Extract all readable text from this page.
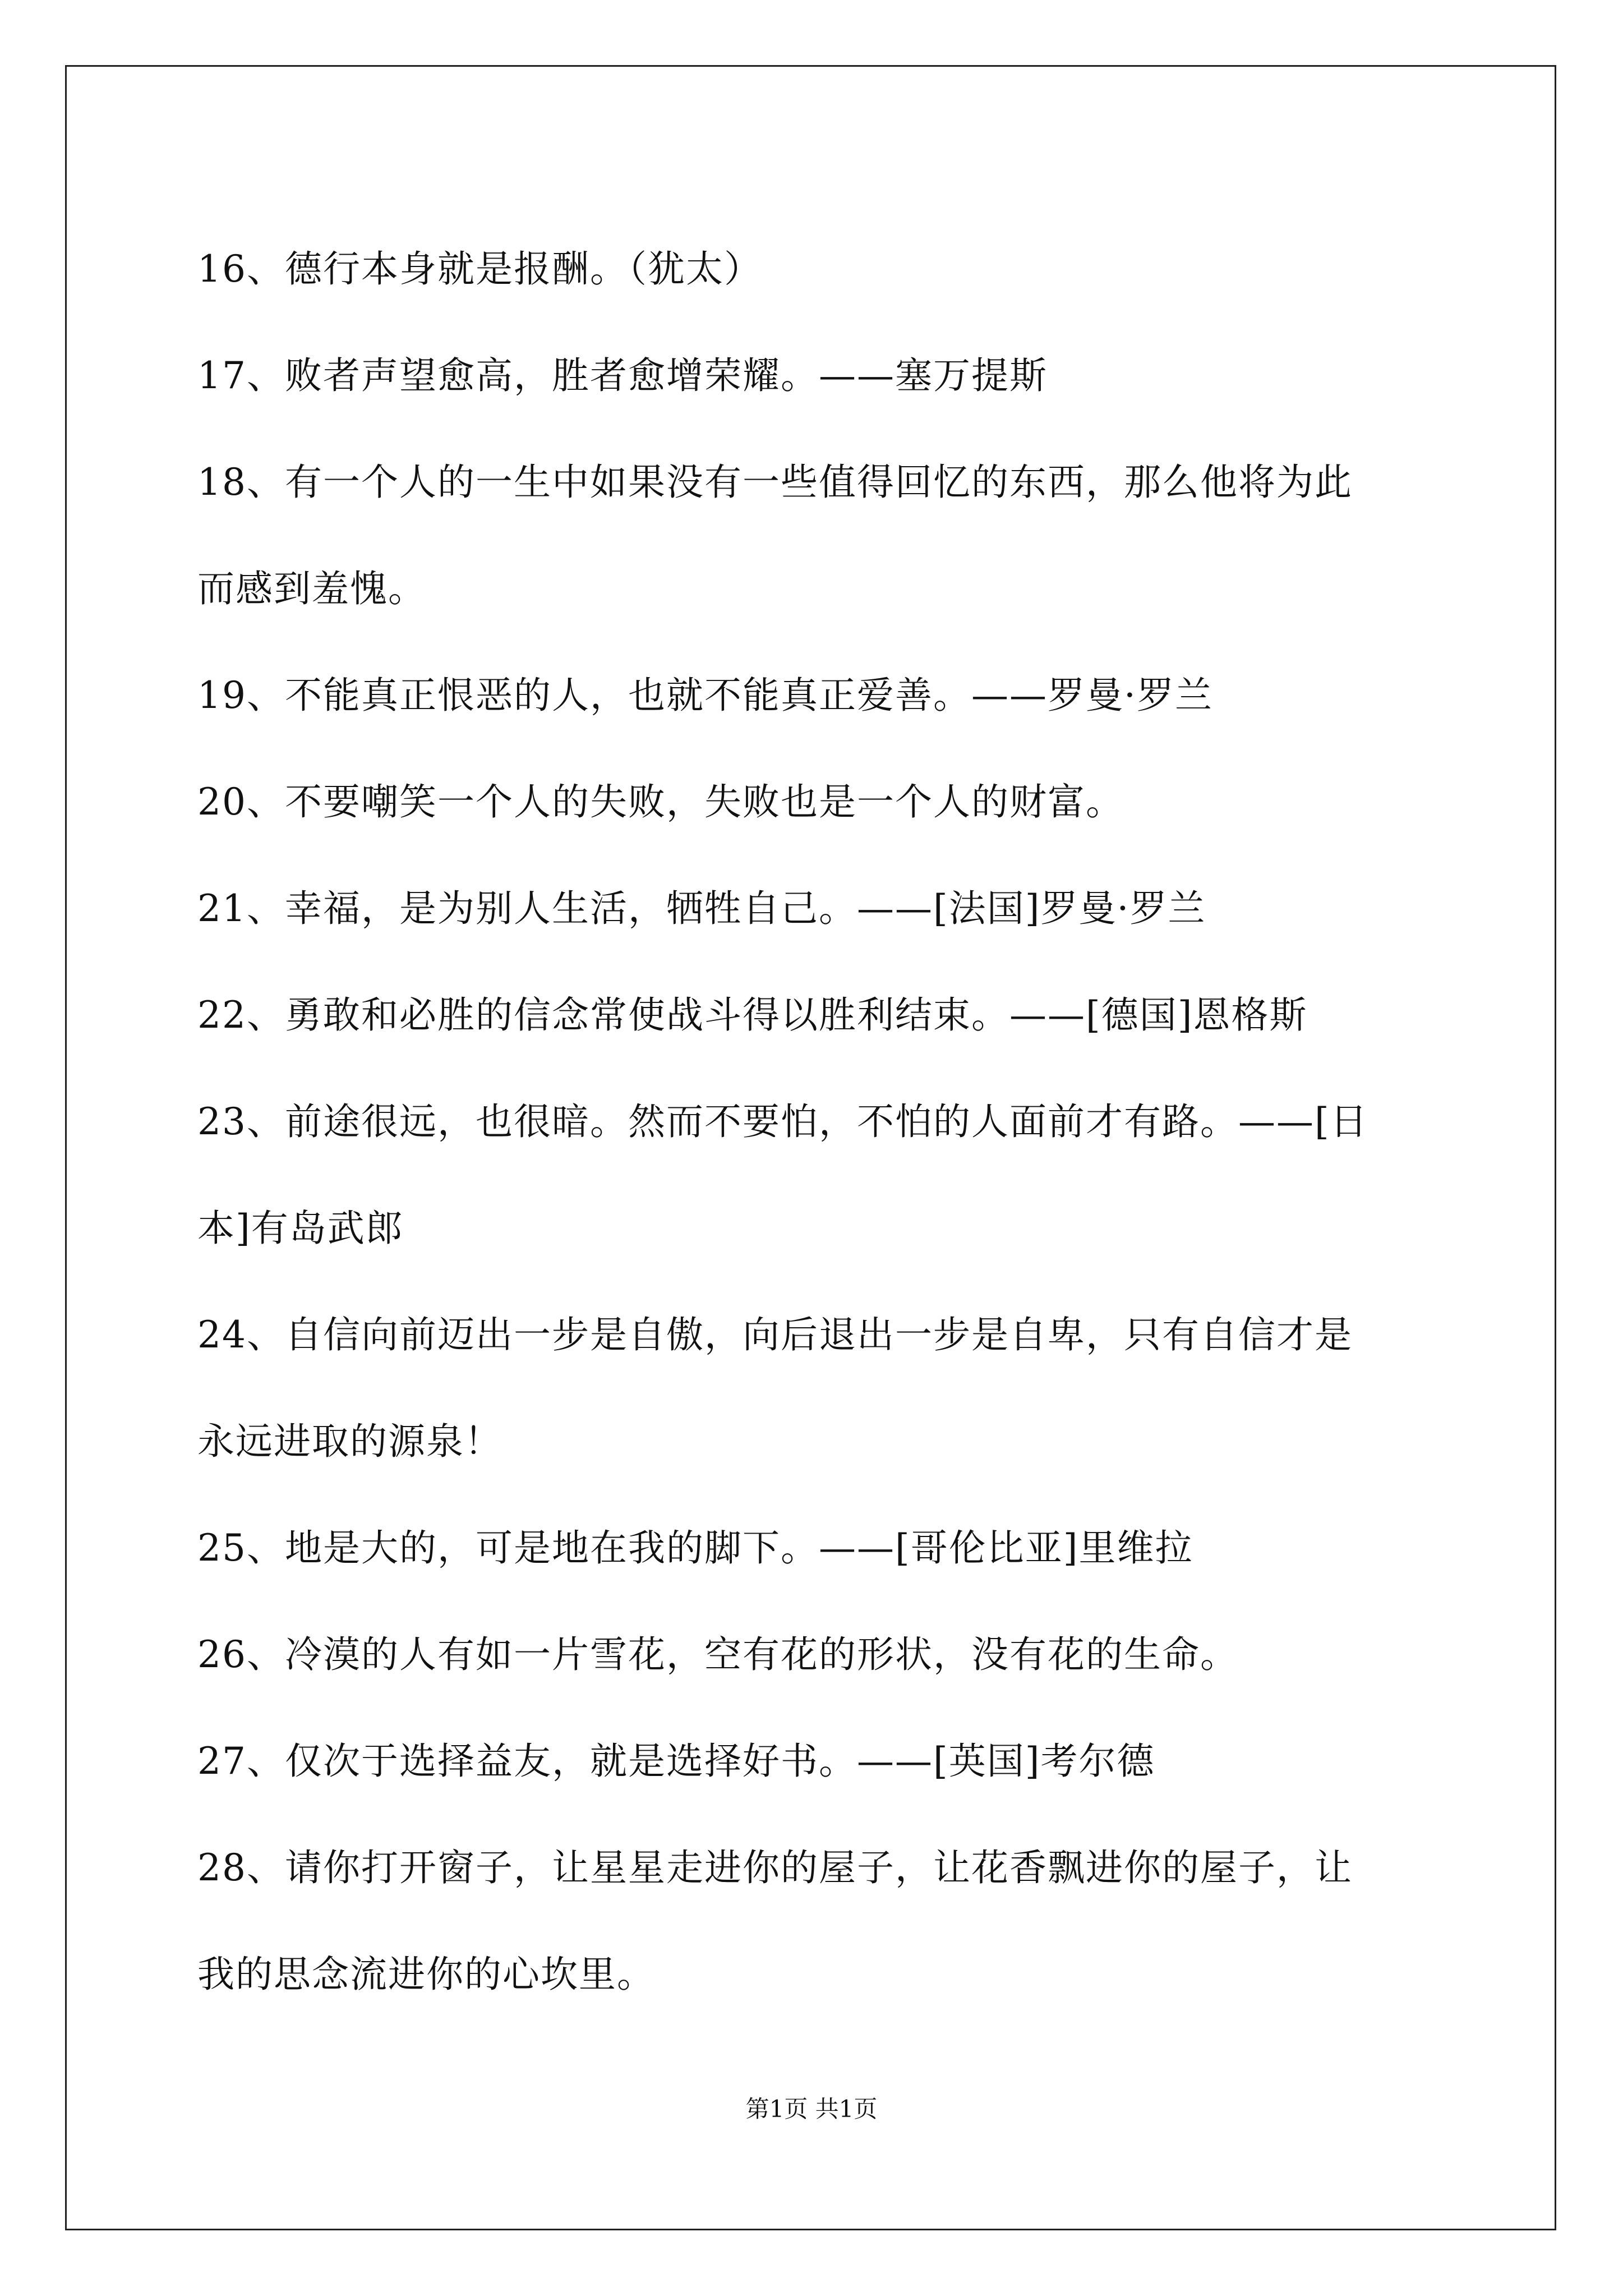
16、德行本身就是报酬。（犹太）
17、败者声望愈高，胜者愈增荣耀。——塞万提斯
18、有一个人的一生中如果没有一些值得回忆的东西，那么他将为此
而感到羞愧。
19、不能真正恨恶的人，也就不能真正爱善。——罗曼·罗兰
20、不要嘲笑一个人的失败，失败也是一个人的财富。
21、幸福，是为别人生活，牺牲自己。——[法国]罗曼·罗兰
22、勇敢和必胜的信念常使战斗得以胜利结束。——[德国]恩格斯
23、前途很远，也很暗。然而不要怕，不怕的人面前才有路。——[日
本]有岛武郎
24、自信向前迈出一步是自傲，向后退出一步是自卑，只有自信才是
永远进取的源泉！
25、地是大的，可是地在我的脚下。——[哥伦比亚]里维拉
26、冷漠的人有如一片雪花，空有花的形状，没有花的生命。
27、仅次于选择益友，就是选择好书。——[英国]考尔德
28、请你打开窗子，让星星走进你的屋子，让花香飘进你的屋子，让
我的思念流进你的心坎里。
第1页 共1页
